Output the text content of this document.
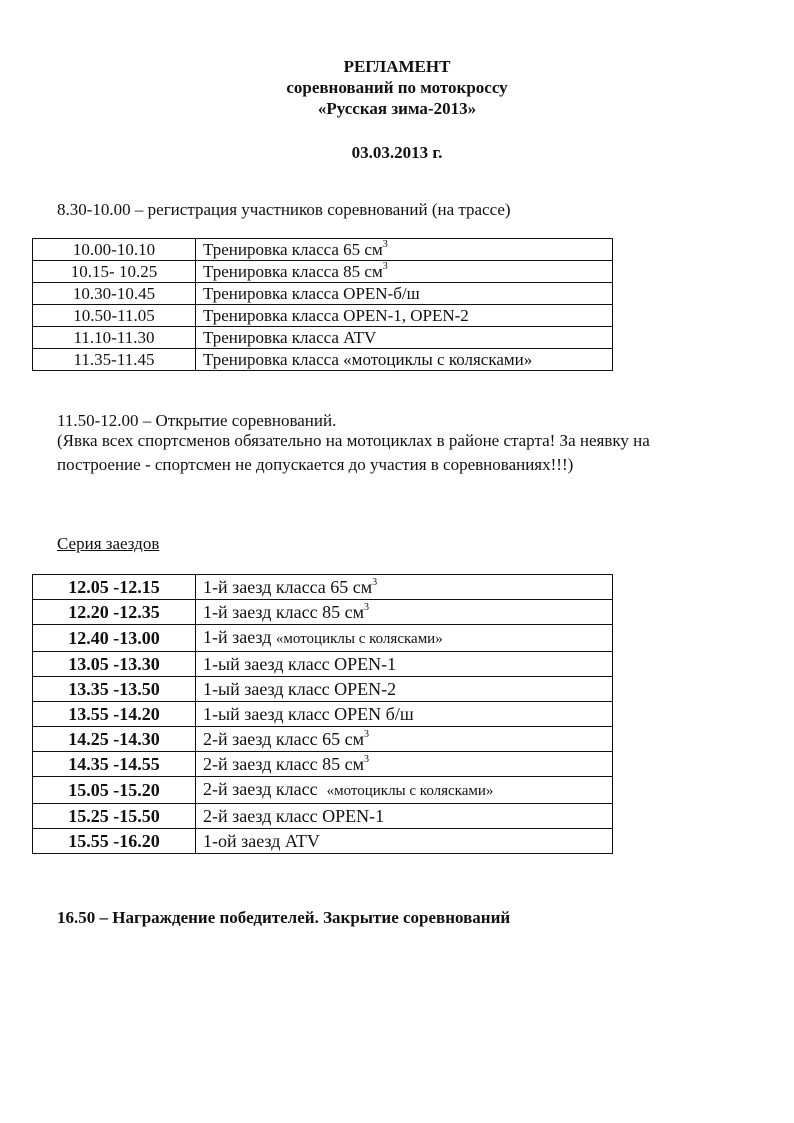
РЕГЛАМЕНТ
соревнований по мотокроссу
«Русская зима-2013»
03.03.2013 г.
8.30-10.00 – регистрация участников соревнований (на трассе)
10.00-10.10	Тренировка класса 65 $см^3$
10.15- 10.25	Тренировка класса 85 $см^3$
10.30-10.45	Тренировка класса OPEN-б/ш
10.50-11.05	Тренировка класса OPEN-1, OPEN-2
11.10-11.30	Тренировка класса ATV
11.35-11.45	Тренировка класса «мотоциклы с колясками»
11.50-12.00 – Открытие соревнований.
(Явка всех спортсменов обязательно на мотоциклах в районе старта! За неявку на
построение - спортсмен не допускается до участия в соревнованиях!!!)
Серия заездов
12.05 -12.15	1-й заезд класса 65 $см^3$
12.20 -12.35	1-й заезд класс 85 $см^3$
12.40 -13.00	1-й заезд «мотоциклы с колясками»
13.05 -13.30	1-ый заезд класс OPEN-1
13.35 -13.50	1-ый заезд класс OPEN-2
13.55 -14.20	1-ый заезд класс OPEN б/ш
14.25 -14.30	2-й заезд класс 65 $см^3$
14.35 -14.55	2-й заезд класс 85 $см^3$
15.05 -15.20	2-й заезд класс  «мотоциклы с колясками»
15.25 -15.50	2-й заезд класс OPEN-1
15.55 -16.20	1-ой заезд ATV
16.50 – Награждение победителей. Закрытие соревнований
